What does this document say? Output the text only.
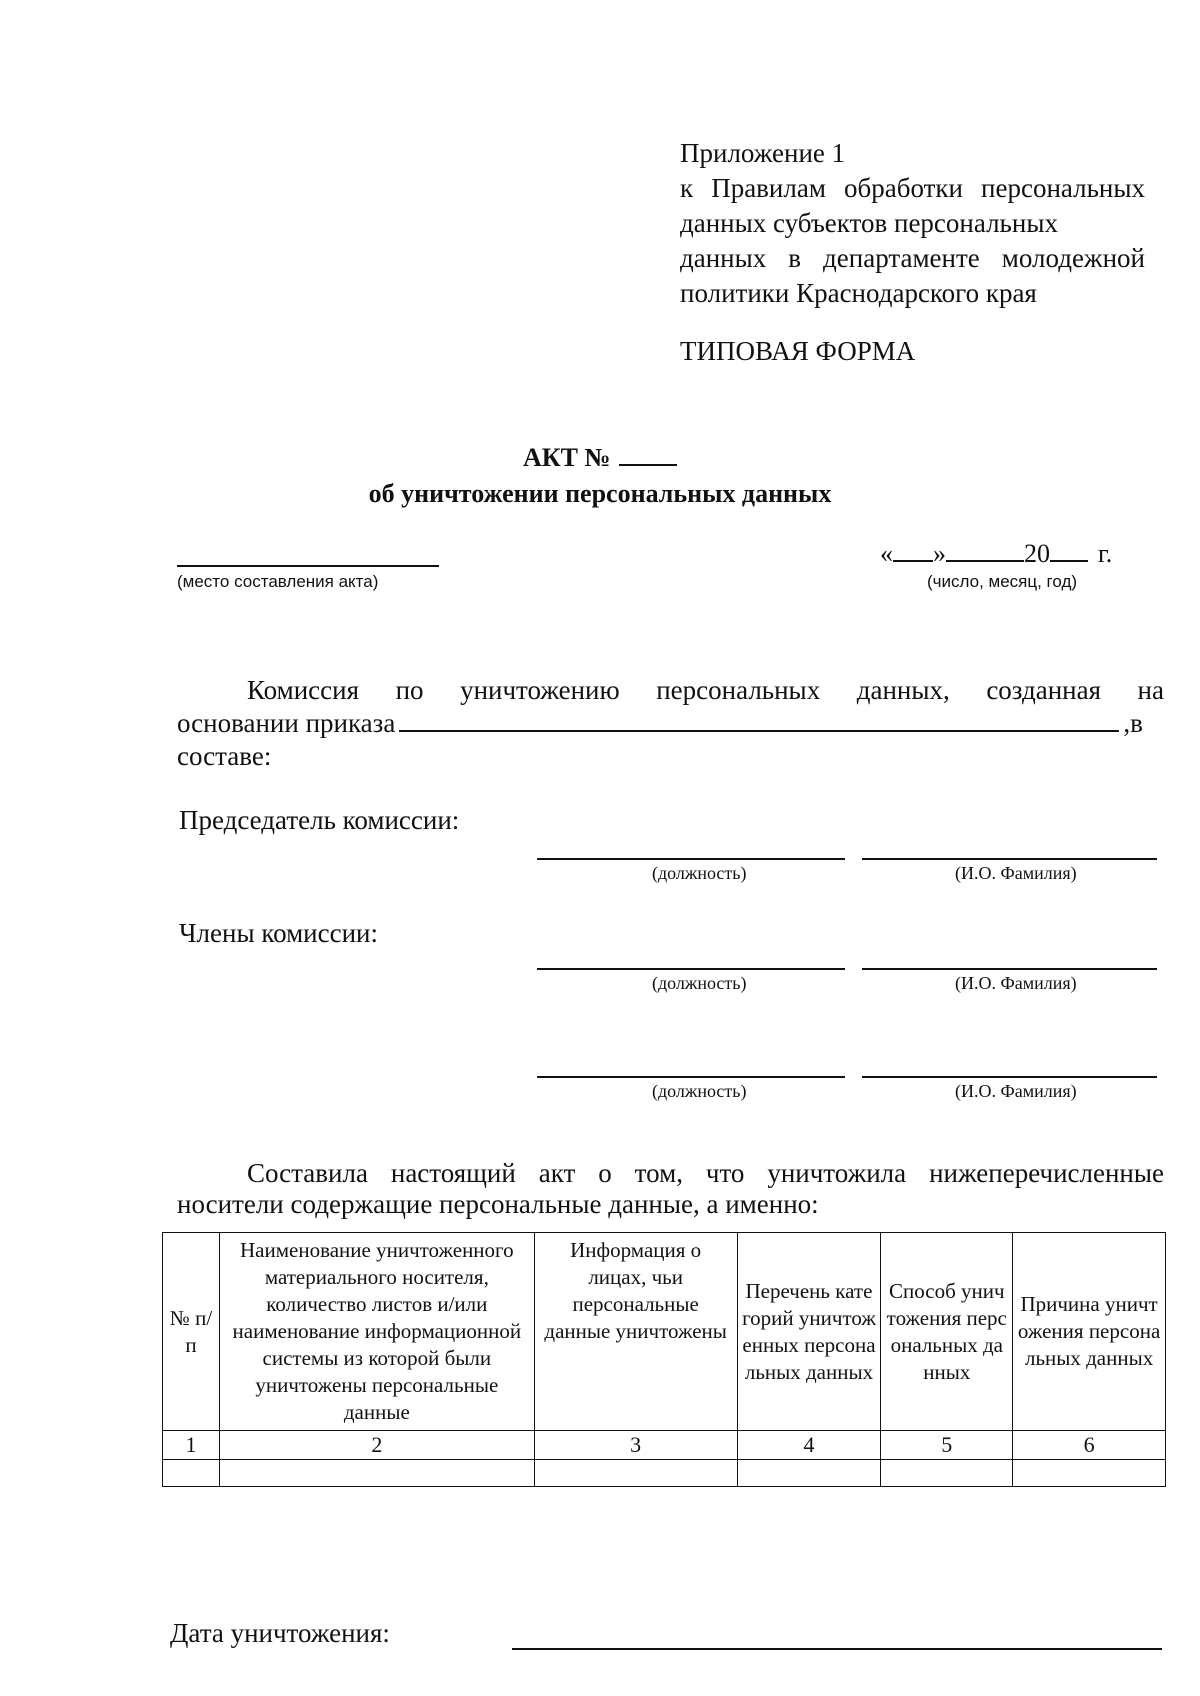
Приложение 1
к Правилам обработки персональных
данных субъектов персональных
данных в департаменте молодежной
политики Краснодарского края
ТИПОВАЯ ФОРМА
АКТ №
об уничтожении персональных данных
(место составления акта)
« »	20 г.
(число, месяц, год)
Комиссия по уничтожению персональных данных, созданная на
основании приказа	,в
составе:
Председатель комиссии:
(должность)	(И.О. Фамилия)
Члены комиссии:
(должность)	(И.О. Фамилия)
(должность)	(И.О. Фамилия)
Составила настоящий акт о том, что уничтожила нижеперечисленные
носители содержащие персональные данные, а именно:
№ п/п	Наименование уничтоженного материального носителя, количество листов и/или наименование информационной системы из которой были уничтожены персональные данные	Информация о лицах, чьи персональные данные уничтожены	Перечень категорий уничтоженных персональных данных	Способ уничтожения персональных данных	Причина уничтожения персональных данных
1	2	3	4	5	6

Дата уничтожения:
